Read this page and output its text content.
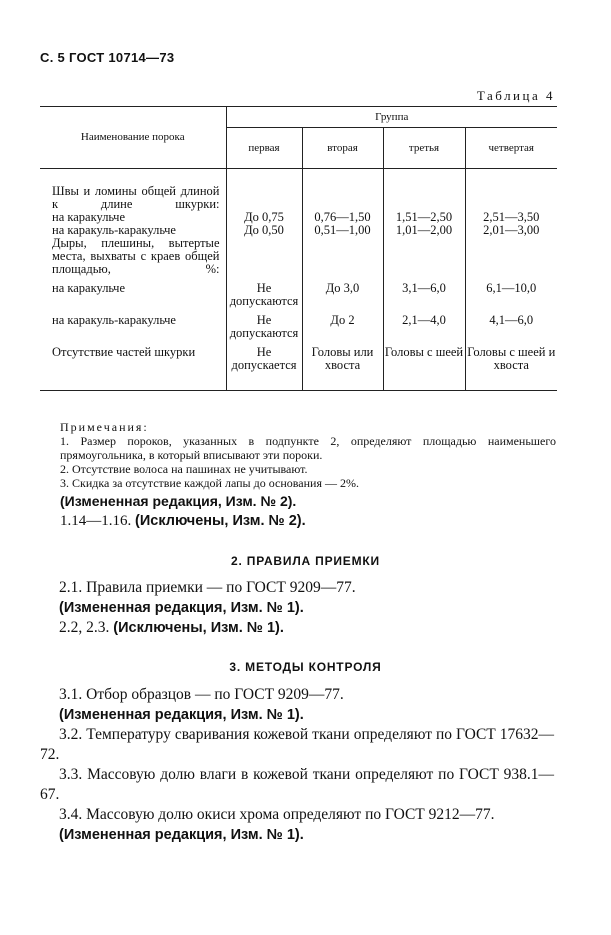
С. 5 ГОСТ 10714—73
Таблица 4
Наименование порока	Группа			
	первая	вторая	третья	четвертая
Швы и ломины общей длиной к длине шкурки:				
на каракульче	До 0,75	0,76—1,50	1,51—2,50	2,51—3,50
на каракуль-каракульче	До 0,50	0,51—1,00	1,01—2,00	2,01—3,00
Дыры, плешины, вытертые места, выхваты с краев общей площадью, %:				
на каракульче	Не допускаются	До 3,0	3,1—6,0	6,1—10,0
на каракуль-каракульче	Не допускаются	До 2	2,1—4,0	4,1—6,0
Отсутствие частей шкурки	Не допускается	Головы или хвоста	Головы с шеей	Головы с шеей и хвоста
Примечания:
1. Размер пороков, указанных в подпункте 2, определяют площадью наименьшего прямоугольника, в который вписывают эти пороки.
2. Отсутствие волоса на пашинах не учитывают.
3. Скидка за отсутствие каждой лапы до основания — 2%.
(Измененная редакция, Изм. № 2).
1.14—1.16. (Исключены, Изм. № 2).
2. ПРАВИЛА ПРИЕМКИ
2.1. Правила приемки — по ГОСТ 9209—77.
(Измененная редакция, Изм. № 1).
2.2, 2.3. (Исключены, Изм. № 1).
3. МЕТОДЫ КОНТРОЛЯ
3.1. Отбор образцов — по ГОСТ 9209—77.
(Измененная редакция, Изм. № 1).
3.2. Температуру сваривания кожевой ткани определяют по ГОСТ 17632—72.
3.3. Массовую долю влаги в кожевой ткани определяют по ГОСТ 938.1—67.
3.4. Массовую долю окиси хрома определяют по ГОСТ 9212—77.
(Измененная редакция, Изм. № 1).
